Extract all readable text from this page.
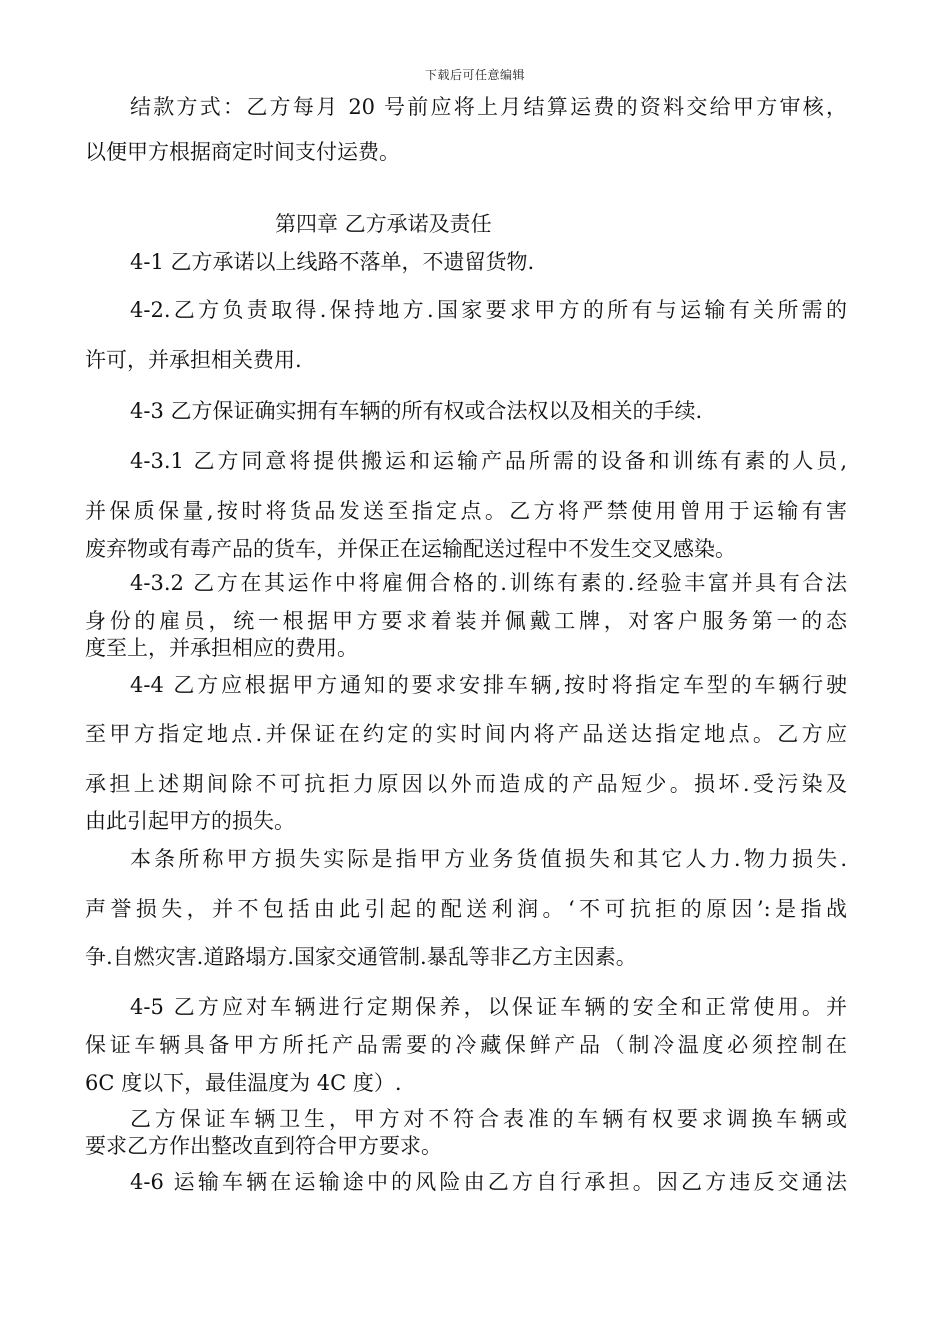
下载后可任意编辑
结款方式：乙方每月 20 号前应将上月结算运费的资料交给甲方审核，
以便甲方根据商定时间支付运费。
第四章 乙方承诺及责任
4-1 乙方承诺以上线路不落单，不遗留货物.
4-2.乙方负责取得.保持地方.国家要求甲方的所有与运输有关所需的
许可，并承担相关费用.
4-3 乙方保证确实拥有车辆的所有权或合法权以及相关的手续.
4-3.1 乙方同意将提供搬运和运输产品所需的设备和训练有素的人员,
并保质保量,按时将货品发送至指定点。乙方将严禁使用曾用于运输有害
废弃物或有毒产品的货车，并保正在运输配送过程中不发生交叉感染。
4-3.2 乙方在其运作中将雇佣合格的.训练有素的.经验丰富并具有合法
身份的雇员，统一根据甲方要求着装并佩戴工牌，对客户服务第一的态
度至上，并承担相应的费用。
4-4 乙方应根据甲方通知的要求安排车辆,按时将指定车型的车辆行驶
至甲方指定地点.并保证在约定的实时间内将产品送达指定地点。乙方应
承担上述期间除不可抗拒力原因以外而造成的产品短少。损坏.受污染及
由此引起甲方的损失。
本条所称甲方损失实际是指甲方业务货值损失和其它人力.物力损失.
声誉损失，并不包括由此引起的配送利润。‘不可抗拒的原因’:是指战
争.自燃灾害.道路塌方.国家交通管制.暴乱等非乙方主因素。
4-5 乙方应对车辆进行定期保养，以保证车辆的安全和正常使用。并
保证车辆具备甲方所托产品需要的冷藏保鲜产品（制冷温度必须控制在
6C 度以下，最佳温度为 4C 度）.
乙方保证车辆卫生，甲方对不符合表准的车辆有权要求调换车辆或
要求乙方作出整改直到符合甲方要求。
4-6 运输车辆在运输途中的风险由乙方自行承担。因乙方违反交通法
